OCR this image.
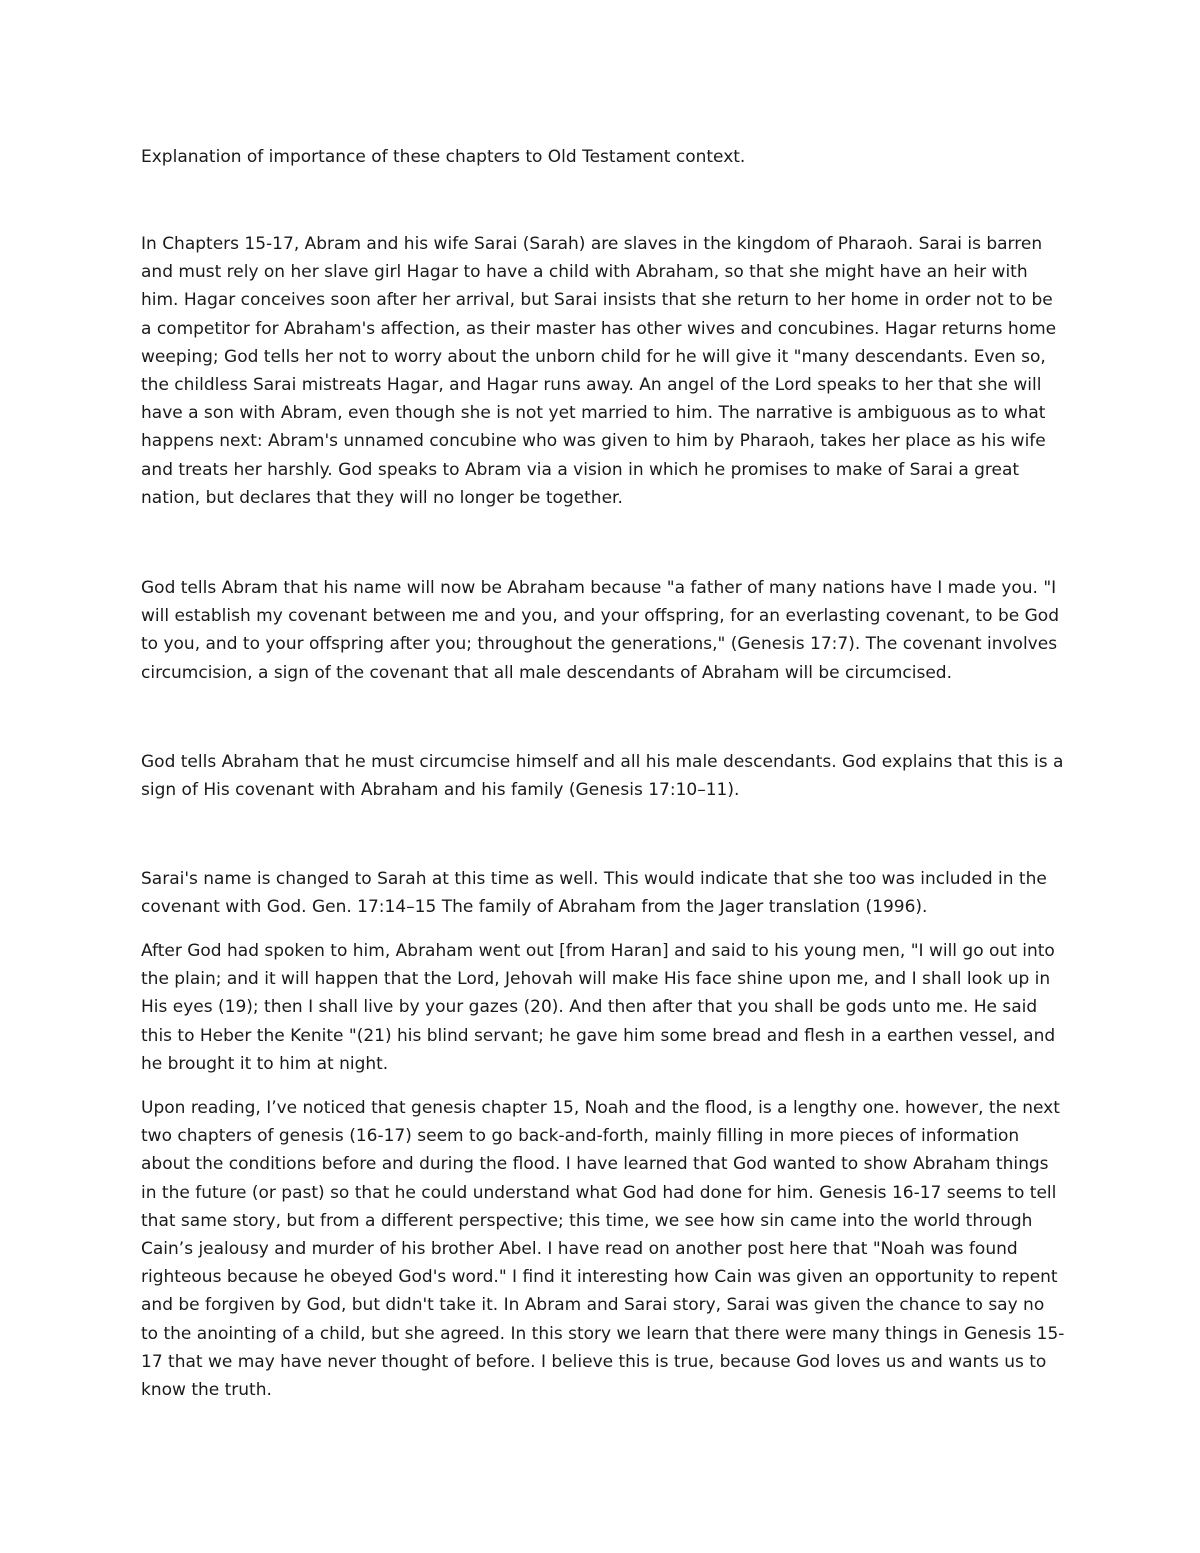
Explanation of importance of these chapters to Old Testament context.

In Chapters 15-17, Abram and his wife Sarai (Sarah) are slaves in the kingdom of Pharaoh. Sarai is barren and must rely on her slave girl Hagar to have a child with Abraham, so that she might have an heir with him. Hagar conceives soon after her arrival, but Sarai insists that she return to her home in order not to be a competitor for Abraham's affection, as their master has other wives and concubines. Hagar returns home weeping; God tells her not to worry about the unborn child for he will give it "many descendants. Even so, the childless Sarai mistreats Hagar, and Hagar runs away. An angel of the Lord speaks to her that she will have a son with Abram, even though she is not yet married to him. The narrative is ambiguous as to what happens next: Abram's unnamed concubine who was given to him by Pharaoh, takes her place as his wife and treats her harshly. God speaks to Abram via a vision in which he promises to make of Sarai a great nation, but declares that they will no longer be together.

God tells Abram that his name will now be Abraham because "a father of many nations have I made you. "I will establish my covenant between me and you, and your offspring, for an everlasting covenant, to be God to you, and to your offspring after you; throughout the generations," (Genesis 17:7). The covenant involves circumcision, a sign of the covenant that all male descendants of Abraham will be circumcised.

God tells Abraham that he must circumcise himself and all his male descendants. God explains that this is a sign of His covenant with Abraham and his family (Genesis 17:10–11).

Sarai's name is changed to Sarah at this time as well. This would indicate that she too was included in the covenant with God. Gen. 17:14–15 The family of Abraham from the Jager translation (1996).

After God had spoken to him, Abraham went out [from Haran] and said to his young men, "I will go out into the plain; and it will happen that the Lord, Jehovah will make His face shine upon me, and I shall look up in His eyes (19); then I shall live by your gazes (20). And then after that you shall be gods unto me. He said this to Heber the Kenite "(21) his blind servant; he gave him some bread and flesh in a earthen vessel, and he brought it to him at night.

Upon reading, I’ve noticed that genesis chapter 15, Noah and the flood, is a lengthy one. however, the next two chapters of genesis (16-17) seem to go back-and-forth, mainly filling in more pieces of information about the conditions before and during the flood. I have learned that God wanted to show Abraham things in the future (or past) so that he could understand what God had done for him. Genesis 16-17 seems to tell that same story, but from a different perspective; this time, we see how sin came into the world through Cain’s jealousy and murder of his brother Abel. I have read on another post here that "Noah was found righteous because he obeyed God's word." I find it interesting how Cain was given an opportunity to repent and be forgiven by God, but didn't take it. In Abram and Sarai story, Sarai was given the chance to say no to the anointing of a child, but she agreed. In this story we learn that there were many things in Genesis 15-17 that we may have never thought of before. I believe this is true, because God loves us and wants us to know the truth.
